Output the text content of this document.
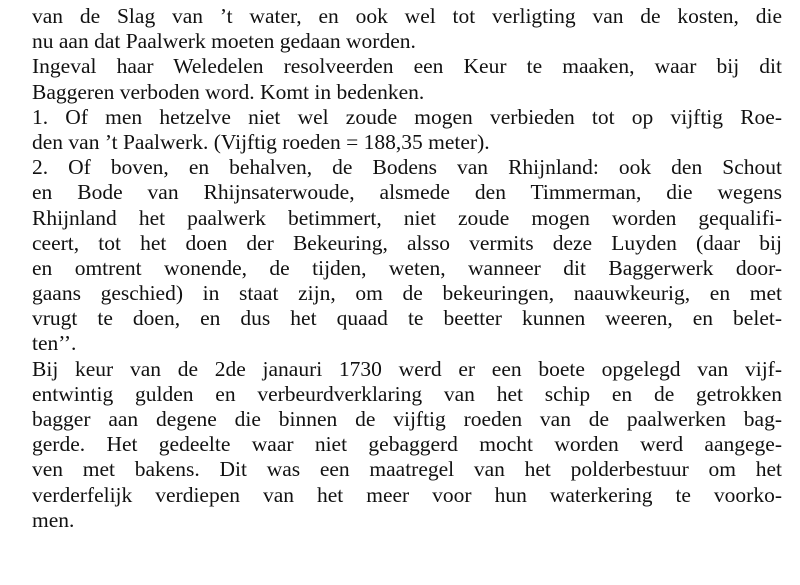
van de Slag van ’t water, en ook wel tot verligting van de kosten, die
nu aan dat Paalwerk moeten gedaan worden.
Ingeval haar Weledelen resolveerden een Keur te maaken, waar bij dit
Baggeren verboden word. Komt in bedenken.
1. Of men hetzelve niet wel zoude mogen verbieden tot op vijftig Roe-
den van ’t Paalwerk. (Vijftig roeden = 188,35 meter).
2. Of boven, en behalven, de Bodens van Rhijnland: ook den Schout
en Bode van Rhijnsaterwoude, alsmede den Timmerman, die wegens
Rhijnland het paalwerk betimmert, niet zoude mogen worden gequalifi-
ceert, tot het doen der Bekeuring, alsso vermits deze Luyden (daar bij
en omtrent wonende, de tijden, weten, wanneer dit Baggerwerk door-
gaans geschied) in staat zijn, om de bekeuringen, naauwkeurig, en met
vrugt te doen, en dus het quaad te beetter kunnen weeren, en belet-
ten’’.
Bij keur van de 2de janauri 1730 werd er een boete opgelegd van vijf-
entwintig gulden en verbeurdverklaring van het schip en de getrokken
bagger aan degene die binnen de vijftig roeden van de paalwerken bag-
gerde. Het gedeelte waar niet gebaggerd mocht worden werd aangege-
ven met bakens. Dit was een maatregel van het polderbestuur om het
verderfelijk verdiepen van het meer voor hun waterkering te voorko-
men.
